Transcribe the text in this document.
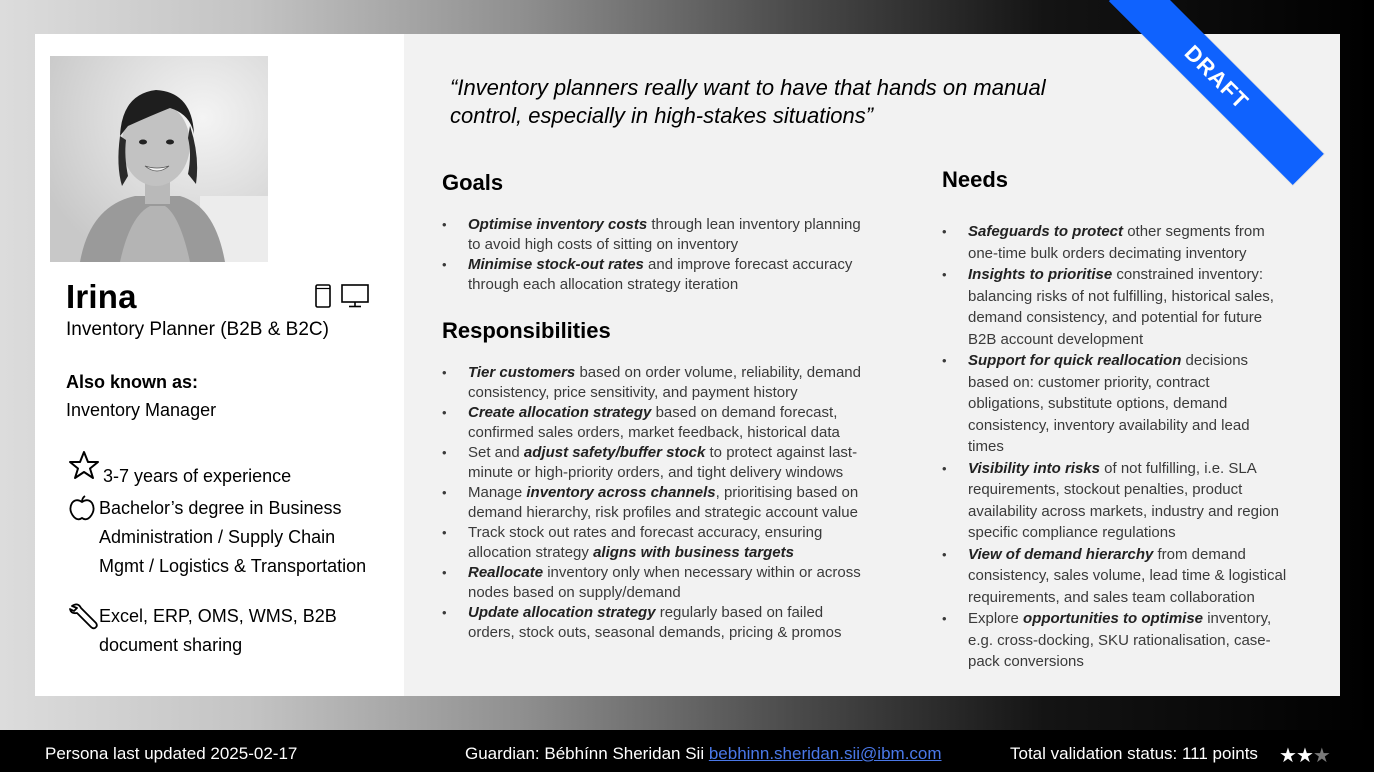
Irina
Inventory Planner (B2B & B2C)
Also known as:
Inventory Manager
3-7 years of experience
Bachelor’s degree in Business
Administration / Supply Chain
Mgmt / Logistics & Transportation
Excel, ERP, OMS, WMS, B2B
document sharing
“Inventory planners really want to have that hands on manual control, especially in high-stakes situations”
Goals
• Optimise inventory costs through lean inventory planning
to avoid high costs of sitting on inventory
• Minimise stock-out rates and improve forecast accuracy
through each allocation strategy iteration
Responsibilities
• Tier customers based on order volume, reliability, demand
consistency, price sensitivity, and payment history
• Create allocation strategy based on demand forecast,
confirmed sales orders, market feedback, historical data
• Set and adjust safety/buffer stock to protect against last-
minute or high-priority orders, and tight delivery windows
• Manage inventory across channels, prioritising based on
demand hierarchy, risk profiles and strategic account value
• Track stock out rates and forecast accuracy, ensuring
allocation strategy aligns with business targets
• Reallocate inventory only when necessary within or across
nodes based on supply/demand
• Update allocation strategy regularly based on failed
orders, stock outs, seasonal demands, pricing & promos
Needs
• Safeguards to protect other segments from
one-time bulk orders decimating inventory
• Insights to prioritise constrained inventory:
balancing risks of not fulfilling, historical sales,
demand consistency, and potential for future
B2B account development
• Support for quick reallocation decisions
based on: customer priority, contract
obligations, substitute options, demand
consistency, inventory availability and lead
times
• Visibility into risks of not fulfilling, i.e. SLA
requirements, stockout penalties, product
availability across markets, industry and region
specific compliance regulations
• View of demand hierarchy from demand
consistency, sales volume, lead time & logistical
requirements, and sales team collaboration
• Explore opportunities to optimise inventory,
e.g. cross-docking, SKU rationalisation, case-
pack conversions
DRAFT
Persona last updated 2025-02-17	Guardian: Bébhínn Sheridan Sii bebhinn.sheridan.sii@ibm.com	Total validation status: 111 points ★★★
